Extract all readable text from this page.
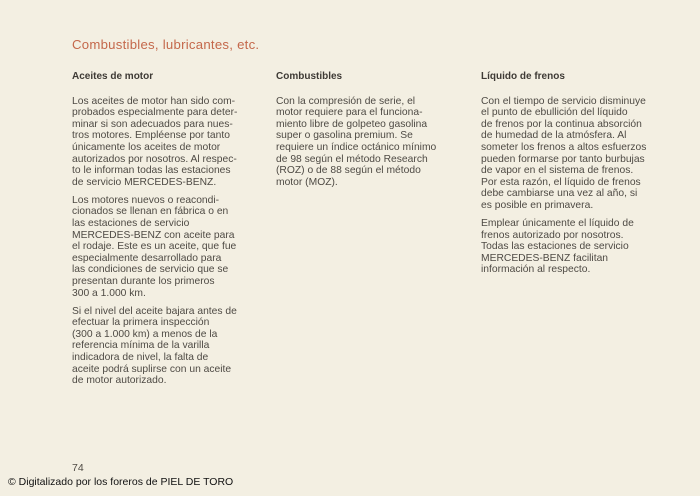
Combustibles, lubricantes, etc.
Aceites de motor
Los aceites de motor han sido com-
probados especialmente para deter-
minar si son adecuados para nues-
tros motores. Empléense por tanto
únicamente los aceites de motor
autorizados por nosotros. Al respec-
to le informan todas las estaciones
de servicio MERCEDES-BENZ.
Los motores nuevos o reacondi-
cionados se llenan en fábrica o en
las estaciones de servicio
MERCEDES-BENZ con aceite para
el rodaje. Este es un aceite, que fue
especialmente desarrollado para
las condiciones de servicio que se
presentan durante los primeros
300 a 1.000 km.
Si el nivel del aceite bajara antes de
efectuar la primera inspección
(300 a 1.000 km) a menos de la
referencia mínima de la varilla
indicadora de nivel, la falta de
aceite podrá suplirse con un aceite
de motor autorizado.
Combustibles
Con la compresión de serie, el
motor requiere para el funciona-
miento libre de golpeteo gasolina
super o gasolina premium. Se
requiere un índice octánico mínimo
de 98 según el método Research
(ROZ) o de 88 según el método
motor (MOZ).
Líquido de frenos
Con el tiempo de servicio disminuye
el punto de ebullición del líquido
de frenos por la continua absorción
de humedad de la atmósfera. Al
someter los frenos a altos esfuerzos
pueden formarse por tanto burbujas
de vapor en el sistema de frenos.
Por esta razón, el líquido de frenos
debe cambiarse una vez al año, si
es posible en primavera.
Emplear únicamente el líquido de
frenos autorizado por nosotros.
Todas las estaciones de servicio
MERCEDES-BENZ facilitan
información al respecto.
74
© Digitalizado por los foreros de PIEL DE TORO
